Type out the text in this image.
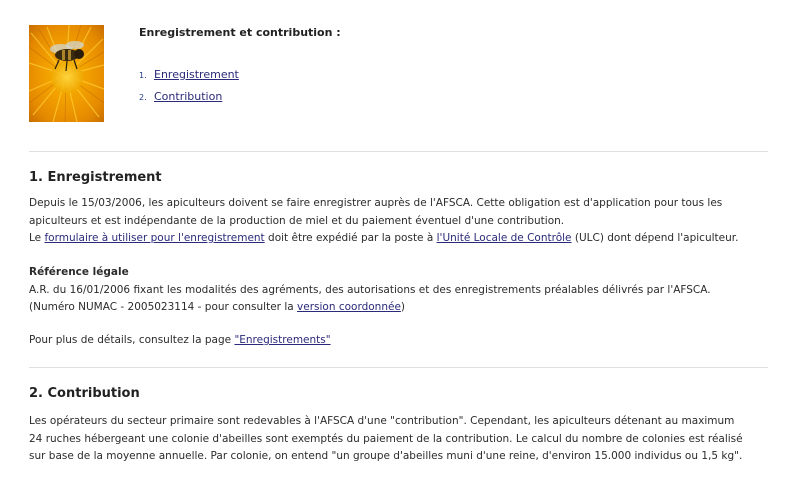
Enregistrement et contribution :

1. Enregistrement
2. Contribution
1. Enregistrement

Depuis le 15/03/2006, les apiculteurs doivent se faire enregistrer auprès de l'AFSCA. Cette obligation est d'application pour tous les
apiculteurs et est indépendante de la production de miel et du paiement éventuel d'une contribution.
Le formulaire à utiliser pour l'enregistrement doit être expédié par la poste à l'Unité Locale de Contrôle (ULC) dont dépend l'apiculteur.

Référence légale
A.R. du 16/01/2006 fixant les modalités des agréments, des autorisations et des enregistrements préalables délivrés par l'AFSCA.
(Numéro NUMAC - 2005023114 - pour consulter la version coordonnée)

Pour plus de détails, consultez la page "Enregistrements"

2. Contribution

Les opérateurs du secteur primaire sont redevables à l'AFSCA d'une "contribution". Cependant, les apiculteurs détenant au maximum
24 ruches hébergeant une colonie d'abeilles sont exemptés du paiement de la contribution. Le calcul du nombre de colonies est réalisé
sur base de la moyenne annuelle. Par colonie, on entend "un groupe d'abeilles muni d'une reine, d'environ 15.000 individus ou 1,5 kg".
